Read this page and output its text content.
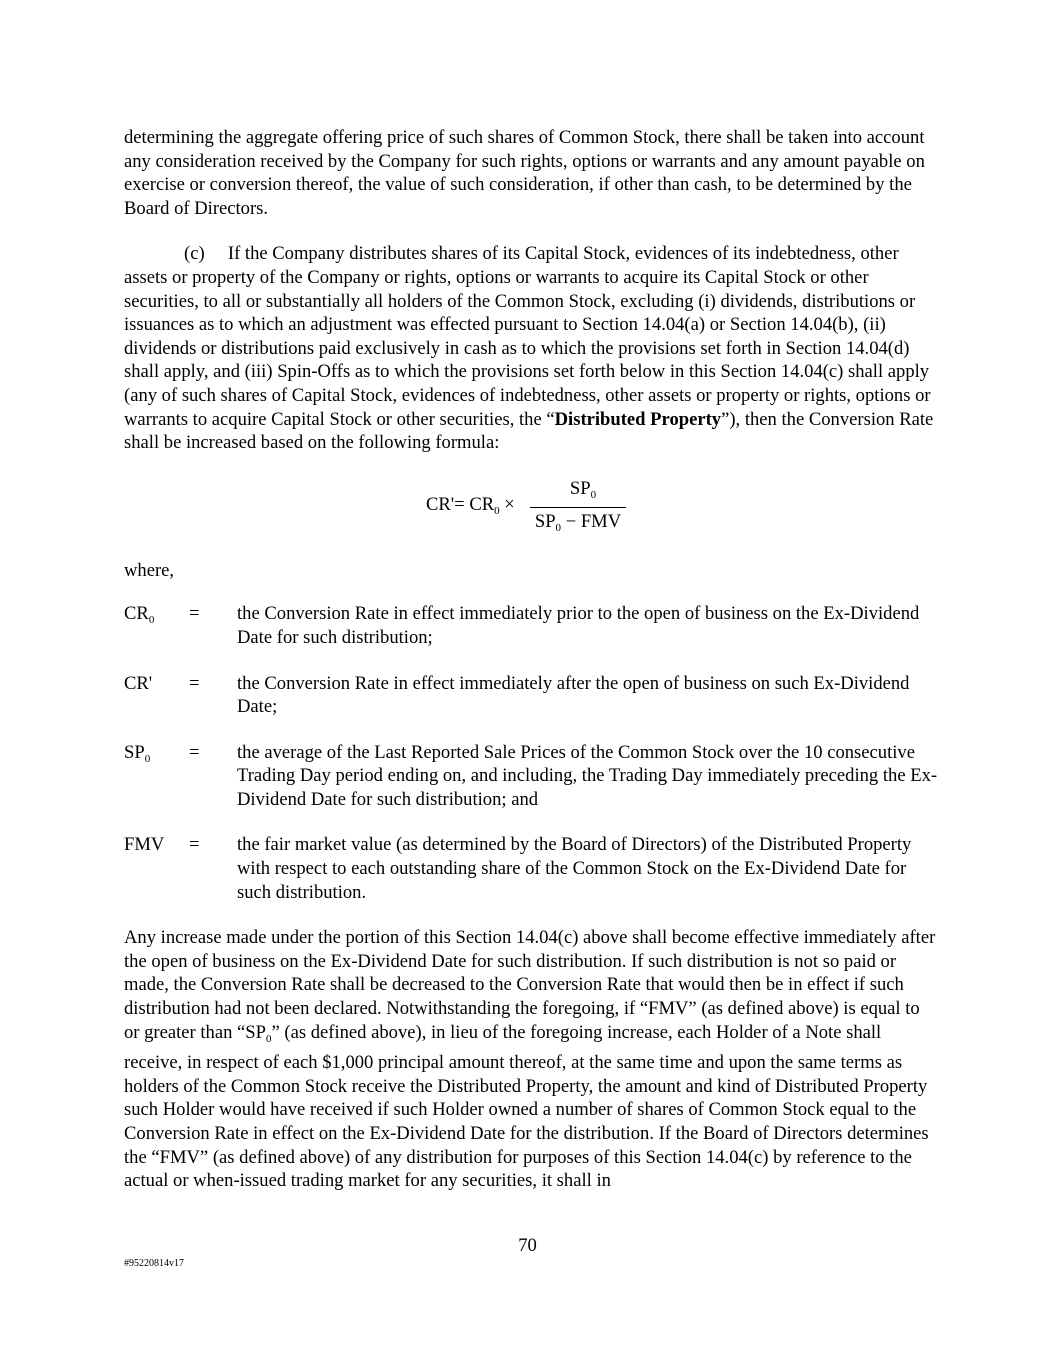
determining the aggregate offering price of such shares of Common Stock, there shall be taken into account any consideration received by the Company for such rights, options or warrants and any amount payable on exercise or conversion thereof, the value of such consideration, if other than cash, to be determined by the Board of Directors.

(c)     If the Company distributes shares of its Capital Stock, evidences of its indebtedness, other assets or property of the Company or rights, options or warrants to acquire its Capital Stock or other securities, to all or substantially all holders of the Common Stock, excluding (i) dividends, distributions or issuances as to which an adjustment was effected pursuant to Section 14.04(a) or Section 14.04(b), (ii) dividends or distributions paid exclusively in cash as to which the provisions set forth in Section 14.04(d) shall apply, and (iii) Spin-Offs as to which the provisions set forth below in this Section 14.04(c) shall apply (any of such shares of Capital Stock, evidences of indebtedness, other assets or property or rights, options or warrants to acquire Capital Stock or other securities, the “Distributed Property”), then the Conversion Rate shall be increased based on the following formula:

$CR'= CR_0$ ×
$SP_0$
$SP_0$ − FMV

where,

$CR_0$	=	the Conversion Rate in effect immediately prior to the open of business on the Ex-Dividend Date for such distribution;
CR'	=	the Conversion Rate in effect immediately after the open of business on such Ex-Dividend Date;
$SP_0$	=	the average of the Last Reported Sale Prices of the Common Stock over the 10 consecutive Trading Day period ending on, and including, the Trading Day immediately preceding the Ex-Dividend Date for such distribution; and
FMV	=	the fair market value (as determined by the Board of Directors) of the Distributed Property with respect to each outstanding share of the Common Stock on the Ex-Dividend Date for such distribution.

Any increase made under the portion of this Section 14.04(c) above shall become effective immediately after the open of business on the Ex-Dividend Date for such distribution. If such distribution is not so paid or made, the Conversion Rate shall be decreased to the Conversion Rate that would then be in effect if such distribution had not been declared. Notwithstanding the foregoing, if “FMV” (as defined above) is equal to or greater than “$SP_0$” (as defined above), in lieu of the foregoing increase, each Holder of a Note shall receive, in respect of each $1,000 principal amount thereof, at the same time and upon the same terms as holders of the Common Stock receive the Distributed Property, the amount and kind of Distributed Property such Holder would have received if such Holder owned a number of shares of Common Stock equal to the Conversion Rate in effect on the Ex-Dividend Date for the distribution. If the Board of Directors determines the “FMV” (as defined above) of any distribution for purposes of this Section 14.04(c) by reference to the actual or when-issued trading market for any securities, it shall in

70
#95220814v17
